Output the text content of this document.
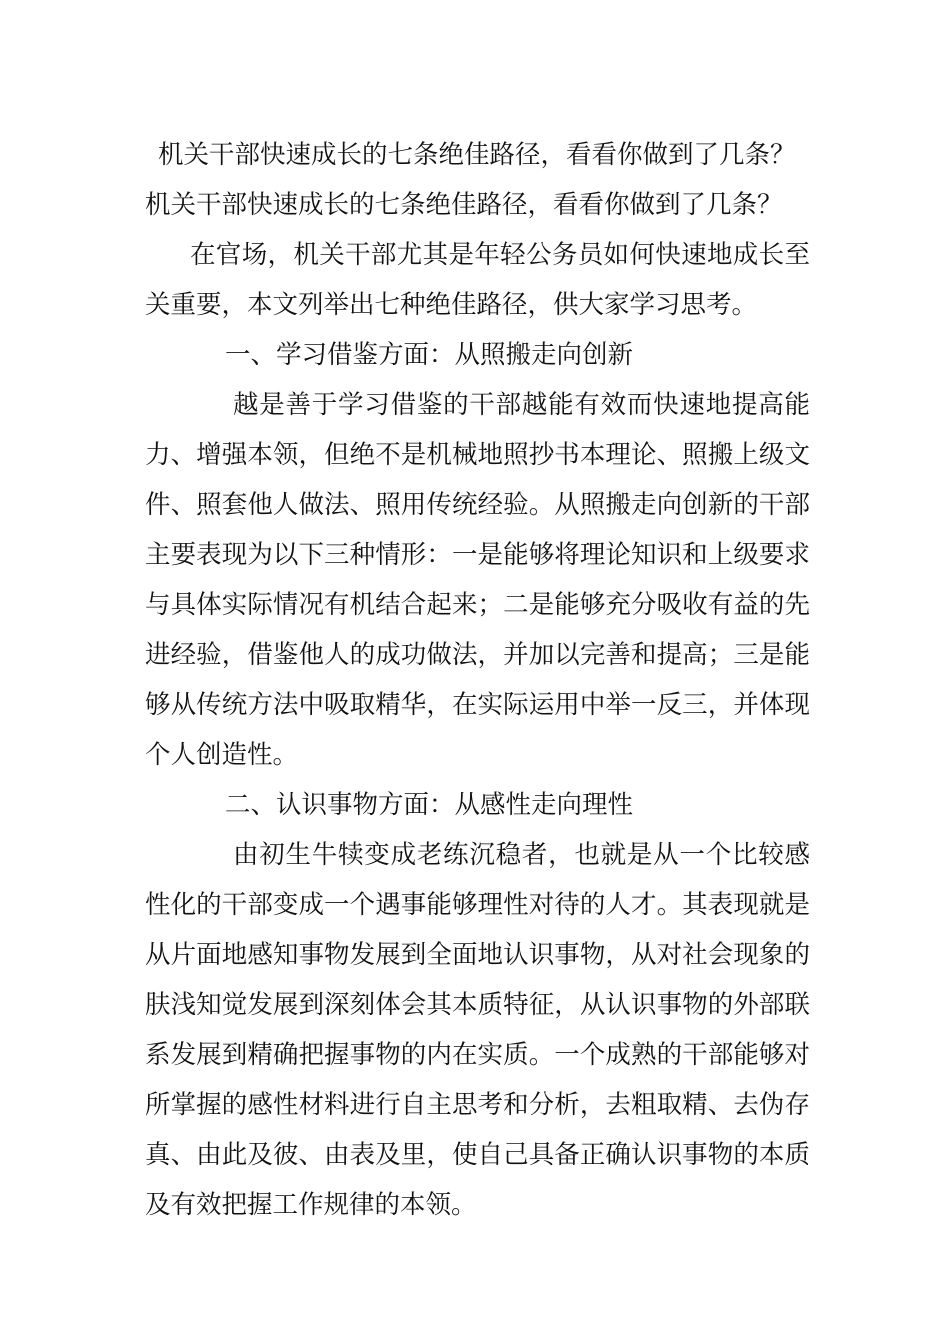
机关干部快速成长的七条绝佳路径，看看你做到了几条？

机关干部快速成长的七条绝佳路径，看看你做到了几条？

在官场，机关干部尤其是年轻公务员如何快速地成长至关重要，本文列举出七种绝佳路径，供大家学习思考。

一、学习借鉴方面：从照搬走向创新

越是善于学习借鉴的干部越能有效而快速地提高能力、增强本领，但绝不是机械地照抄书本理论、照搬上级文件、照套他人做法、照用传统经验。从照搬走向创新的干部主要表现为以下三种情形：一是能够将理论知识和上级要求与具体实际情况有机结合起来；二是能够充分吸收有益的先进经验，借鉴他人的成功做法，并加以完善和提高；三是能够从传统方法中吸取精华，在实际运用中举一反三，并体现个人创造性。

二、认识事物方面：从感性走向理性

由初生牛犊变成老练沉稳者，也就是从一个比较感性化的干部变成一个遇事能够理性对待的人才。其表现就是从片面地感知事物发展到全面地认识事物，从对社会现象的肤浅知觉发展到深刻体会其本质特征，从认识事物的外部联系发展到精确把握事物的内在实质。一个成熟的干部能够对所掌握的感性材料进行自主思考和分析，去粗取精、去伪存真、由此及彼、由表及里，使自己具备正确认识事物的本质及有效把握工作规律的本领。
